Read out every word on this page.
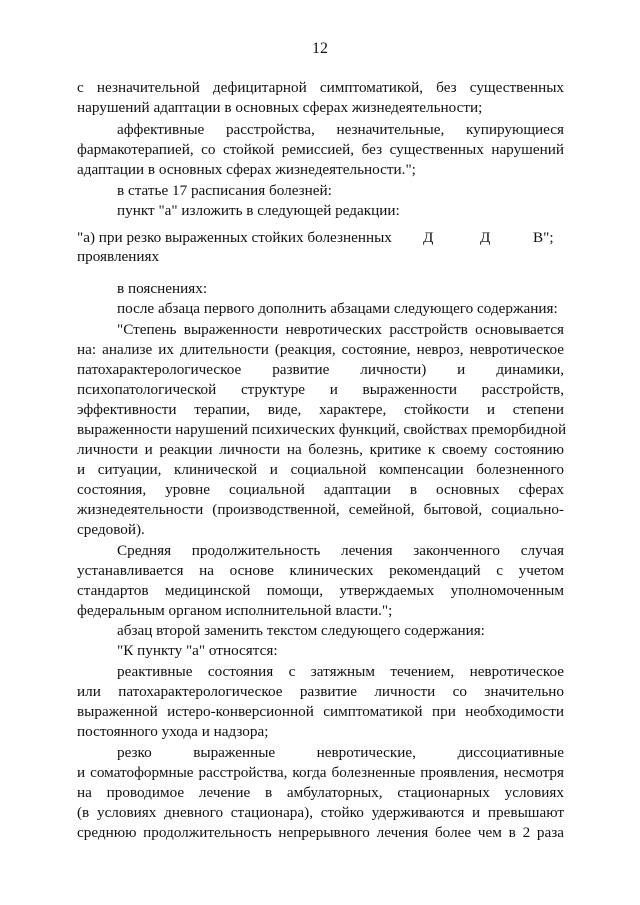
12
с незначительной дефицитарной симптоматикой, без существенных
нарушений адаптации в основных сферах жизнедеятельности;
аффективные расстройства, незначительные, купирующиеся
фармакотерапией, со стойкой ремиссией, без существенных нарушений
адаптации в основных сферах жизнедеятельности.";
в статье 17 расписания болезней:
пункт "а" изложить в следующей редакции:
в пояснениях:
после абзаца первого дополнить абзацами следующего содержания:
"Степень выраженности невротических расстройств основывается
на: анализе их длительности (реакция, состояние, невроз, невротическое
патохарактерологическое развитие личности) и динамики,
психопатологической структуре и выраженности расстройств,
эффективности терапии, виде, характере, стойкости и степени
выраженности нарушений психических функций, свойствах преморбидной
личности и реакции личности на болезнь, критике к своему состоянию
и ситуации, клинической и социальной компенсации болезненного
состояния, уровне социальной адаптации в основных сферах
жизнедеятельности (производственной, семейной, бытовой, социально-
средовой).
Средняя продолжительность лечения законченного случая
устанавливается на основе клинических рекомендаций с учетом
стандартов медицинской помощи, утверждаемых уполномоченным
федеральным органом исполнительной власти.";
абзац второй заменить текстом следующего содержания:
"К пункту "а" относятся:
реактивные состояния с затяжным течением, невротическое
или патохарактерологическое развитие личности со значительно
выраженной истеро-конверсионной симптоматикой при необходимости
постоянного ухода и надзора;
резко выраженные невротические, диссоциативные
и соматоформные расстройства, когда болезненные проявления, несмотря
на проводимое лечение в амбулаторных, стационарных условиях
(в условиях дневного стационара), стойко удерживаются и превышают
среднюю продолжительность непрерывного лечения более чем в 2 раза
"а) при резко выраженных стойких болезненных Д	Д	В";
проявлениях
